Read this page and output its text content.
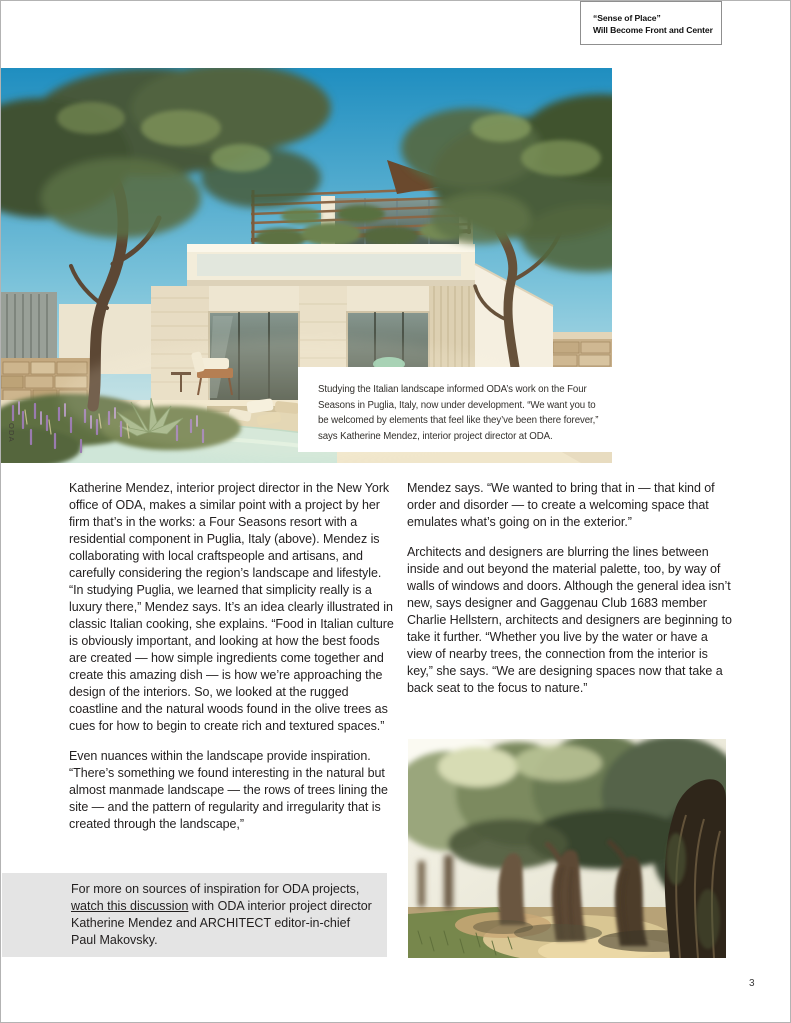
“Sense of Place”
Will Become Front and Center
ODA

Studying the Italian landscape informed ODA’s work on the Four Seasons in Puglia, Italy, now under development. “We want you to be welcomed by elements that feel like they’ve been there forever,” says Katherine Mendez, interior project director at ODA.

Katherine Mendez, interior project director in the New York office of ODA, makes a similar point with a project by her firm that’s in the works: a Four Seasons resort with a residential component in Puglia, Italy (above). Mendez is collaborating with local craftspeople and artisans, and carefully considering the region’s landscape and lifestyle. “In studying Puglia, we learned that simplicity really is a luxury there,” Mendez says. It’s an idea clearly illustrated in classic Italian cooking, she explains. “Food in Italian culture is obviously important, and looking at how the best foods are created — how simple ingredients come together and create this amazing dish — is how we’re approaching the design of the interiors. So, we looked at the rugged coastline and the natural woods found in the olive trees as cues for how to begin to create rich and textured spaces.”

Even nuances within the landscape provide inspiration. “There’s something we found interesting in the natural but almost manmade landscape — the rows of trees lining the site — and the pattern of regularity and irregularity that is created through the landscape,”

Mendez says. “We wanted to bring that in — that kind of order and disorder — to create a welcoming space that emulates what’s going on in the exterior.”

Architects and designers are blurring the lines between inside and out beyond the material palette, too, by way of walls of windows and doors. Although the general idea isn’t new, says designer and Gaggenau Club 1683 member Charlie Hellstern, architects and designers are beginning to take it further. “Whether you live by the water or have a view of nearby trees, the connection from the interior is key,” she says. “We are designing spaces now that take a back seat to the focus to nature.”

For more on sources of inspiration for ODA projects, watch this discussion with ODA interior project director Katherine Mendez and ARCHITECT editor-in-chief Paul Makovsky.

3
